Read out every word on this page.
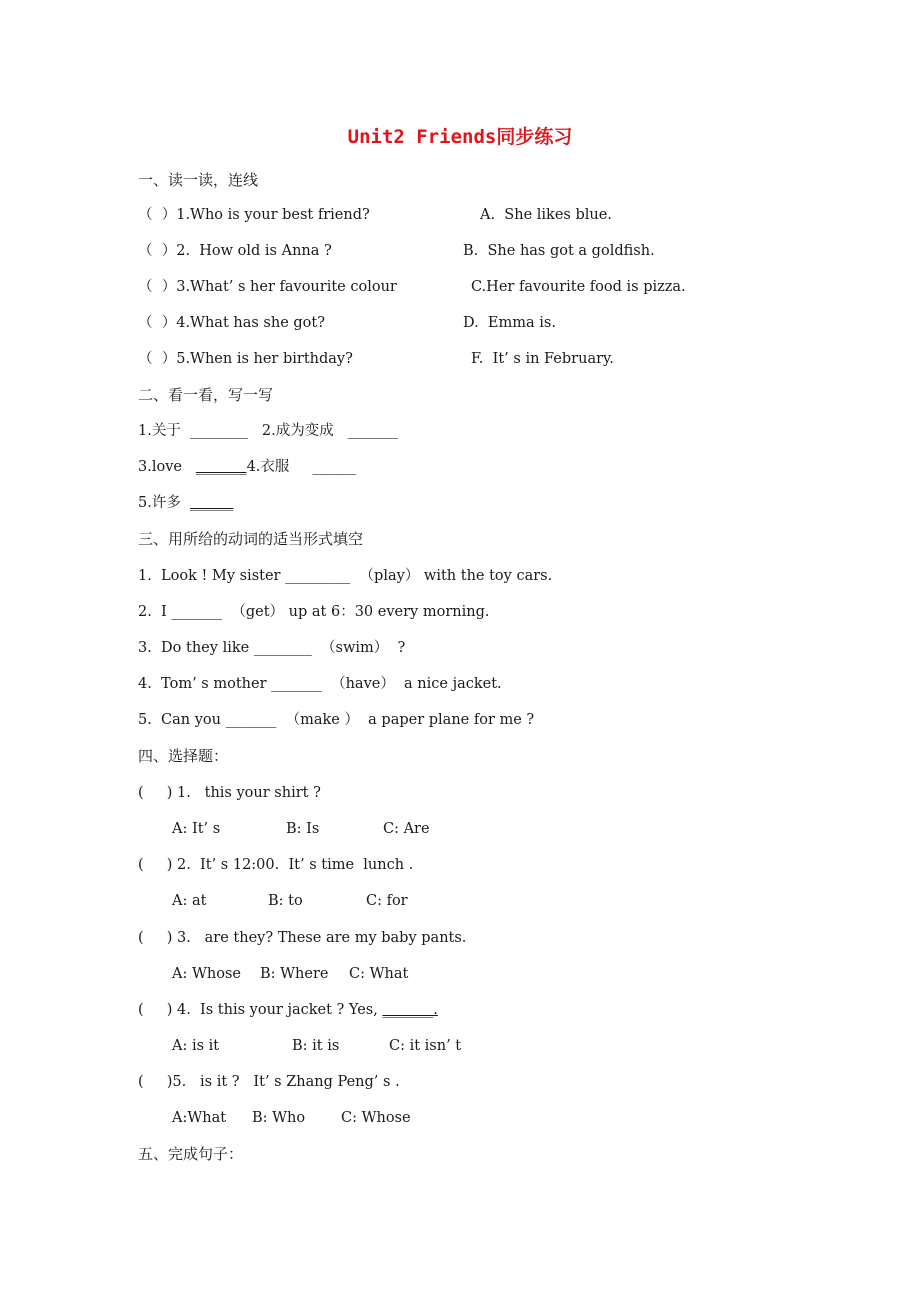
Unit2 Friends同步练习
一、读一读，连线
（  ）1.Who is your best friend?	A.  She likes blue.
（  ）2.  How old is Anna ?	B.  She has got a goldfish.
（  ）3.What’ s her favourite colour	C.Her favourite food is pizza.
（  ）4.What has she got?	D.  Emma is.
（  ）5.When is her birthday?	F.  It’ s in February.
二、看一看，写一写
1.关于  ________   2.成为变成   _______
3.love   _______4.衣服     ______
5.许多  ______
三、用所给的动词的适当形式填空
1.  Look ! My sister _________  （play） with the toy cars.
2.  I _______  （get） up at 6：30 every morning.
3.  Do they like ________  （swim）  ?
4.  Tom’ s mother _______  （have）  a nice jacket.
5.  Can you _______  （make ）  a paper plane for me ?
四、选择题：
(     ) 1.   this your shirt ?
A: It’ s	B: Is	C: Are
(     ) 2.  It’ s 12:00.  It’ s time  lunch .
A: at	B: to	C: for
(     ) 3.   are they? These are my baby pants.
A: Whose B: Where C: What
(     ) 4.  Is this your jacket ? Yes, _______.
A: is it	B: it is	C: it isn’ t
(     )5.   is it ?   It’ s Zhang Peng’ s .
A:What B: Who C: Whose
五、完成句子：
